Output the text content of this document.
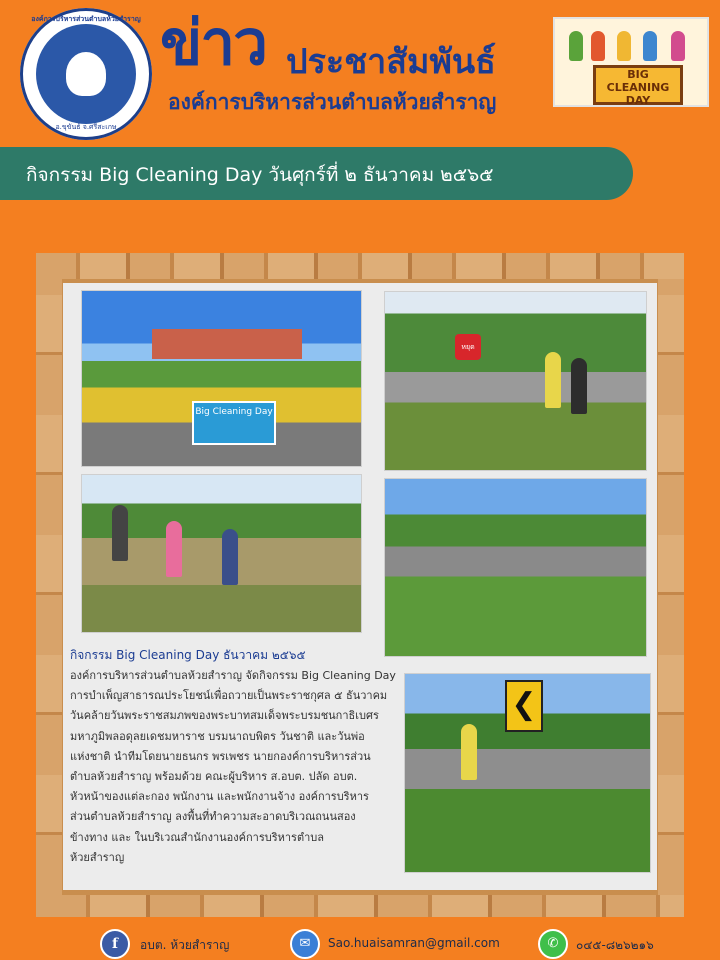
องค์การบริหารส่วนตำบลห้วยสำราญ
อ.ขุขันธ์ จ.ศรีสะเกษ
ข่าว ประชาสัมพันธ์
องค์การบริหารส่วนตำบลห้วยสำราญ
BIG CLEANING DAY
กิจกรรม Big Cleaning Day วันศุกร์ที่ ๒ ธันวาคม ๒๕๖๕
Big Cleaning Day
หยุด
❮
กิจกรรม Big Cleaning Day ธันวาคม ๒๕๖๕
องค์การบริหารส่วนตำบลห้วยสำราญ จัดกิจกรรม Big Cleaning Day
การบำเพ็ญสาธารณประโยชน์เพื่อถวายเป็นพระราชกุศล ๕ ธันวาคม
วันคล้ายวันพระราชสมภพของพระบาทสมเด็จพระบรมชนกาธิเบศร
มหาภูมิพลอดุลยเดชมหาราช บรมนาถบพิตร วันชาติ และวันพ่อ
แห่งชาติ นำทีมโดยนายธนกร พรเพชร นายกองค์การบริหารส่วน
ตำบลห้วยสำราญ พร้อมด้วย คณะผู้บริหาร ส.อบต. ปลัด อบต.
หัวหน้าของแต่ละกอง พนักงาน และพนักงานจ้าง องค์การบริหาร
ส่วนตำบลห้วยสำราญ ลงพื้นที่ทำความสะอาดบริเวณถนนสอง
ข้างทาง และ ในบริเวณสำนักงานองค์การบริหารตำบล
ห้วยสำราญ
f	อบต. ห้วยสำราญ	✉	Sao.huaisamran@gmail.com	✆	๐๔๕-๘๒๖๒๑๖
